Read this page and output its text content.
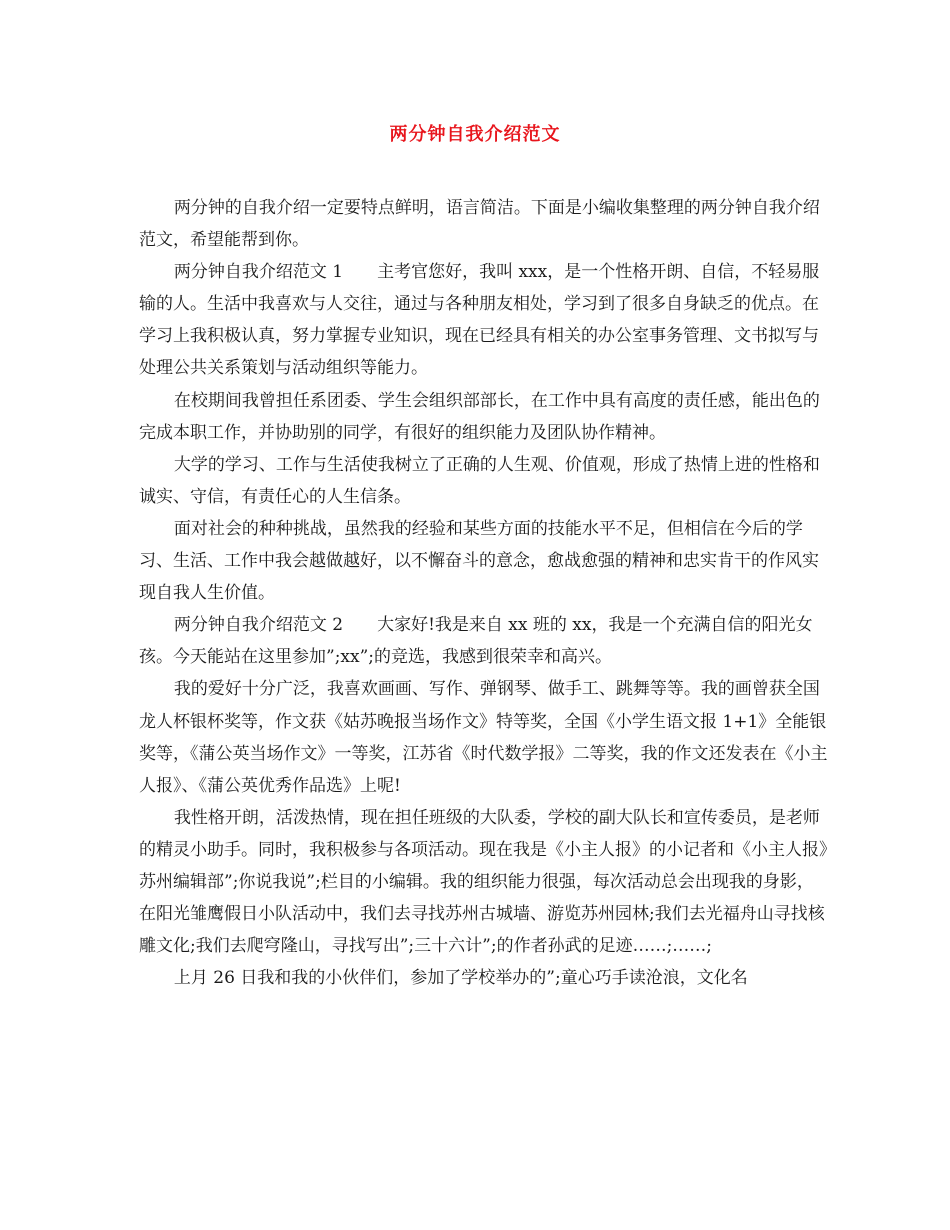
两分钟自我介绍范文

两分钟的自我介绍一定要特点鲜明，语言简洁。下面是小编收集整理的两分钟自我介绍范文，希望能帮到你。

两分钟自我介绍范文 1　　主考官您好，我叫 xxx，是一个性格开朗、自信，不轻易服输的人。生活中我喜欢与人交往，通过与各种朋友相处，学习到了很多自身缺乏的优点。在学习上我积极认真，努力掌握专业知识，现在已经具有相关的办公室事务管理、文书拟写与处理公共关系策划与活动组织等能力。

在校期间我曾担任系团委、学生会组织部部长，在工作中具有高度的责任感，能出色的完成本职工作，并协助别的同学，有很好的组织能力及团队协作精神。

大学的学习、工作与生活使我树立了正确的人生观、价值观，形成了热情上进的性格和诚实、守信，有责任心的人生信条。

面对社会的种种挑战，虽然我的经验和某些方面的技能水平不足，但相信在今后的学习、生活、工作中我会越做越好，以不懈奋斗的意念，愈战愈强的精神和忠实肯干的作风实现自我人生价值。

两分钟自我介绍范文 2　　大家好!我是来自 xx 班的 xx，我是一个充满自信的阳光女孩。今天能站在这里参加”;xx”;的竞选，我感到很荣幸和高兴。

我的爱好十分广泛，我喜欢画画、写作、弹钢琴、做手工、跳舞等等。我的画曾获全国龙人杯银杯奖等，作文获《姑苏晚报当场作文》特等奖，全国《小学生语文报 1+1》全能银奖等，《蒲公英当场作文》一等奖，江苏省《时代数学报》二等奖，我的作文还发表在《小主人报》、《蒲公英优秀作品选》上呢!

我性格开朗，活泼热情，现在担任班级的大队委，学校的副大队长和宣传委员，是老师的精灵小助手。同时，我积极参与各项活动。现在我是《小主人报》的小记者和《小主人报》苏州编辑部”;你说我说”;栏目的小编辑。我的组织能力很强，每次活动总会出现我的身影，在阳光雏鹰假日小队活动中，我们去寻找苏州古城墙、游览苏州园林;我们去光福舟山寻找核雕文化;我们去爬穹隆山，寻找写出”;三十六计”;的作者孙武的足迹……;……;

上月 26 日我和我的小伙伴们，参加了学校举办的”;童心巧手读沧浪，文化名
